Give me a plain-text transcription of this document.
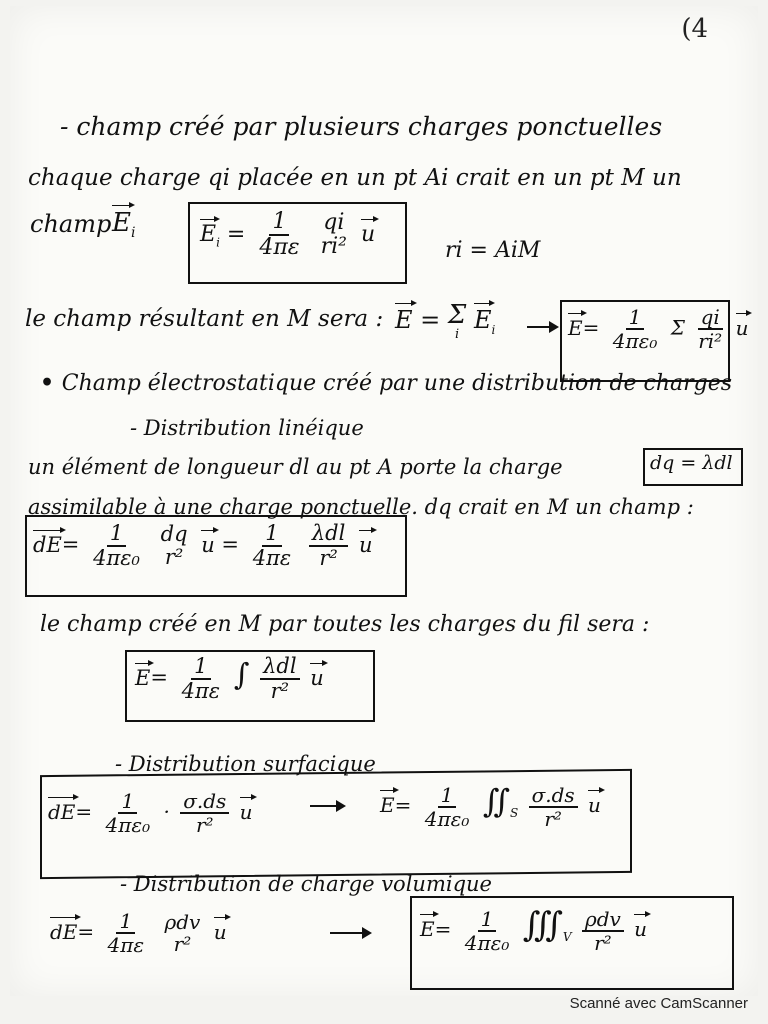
(4
- champ créé par plusieurs charges ponctuelles
chaque charge qi placée en un pt Ai crait en un pt M un
champ $E_i$	$E_i = \frac{1}{4\pi\varepsilon}$
qi
ri² u
ri = AiM
le champ résultant en M sera : E = Σ
i
$E_i$	$E= \frac{1}{\text{4πε₀}}$ Σ $\frac{qi}{\text{ri²}}$ u
• Champ électrostatique créé par une distribution de charges
- Distribution linéique
un élément de longueur dl au pt A porte la charge	dq = λdl
assimilable à une charge ponctuelle. dq crait en M un champ :
$dE= \frac{1}{\text{4πε₀}}$
dq
r²
$u = \frac{1}{4\pi\varepsilon}$
$\frac{\text{λdl}}{\text{r²}}$ u
le champ créé en M par toutes les charges du fil sera :
$E= \frac{1}{4\pi\varepsilon}$ ∫ $\frac{\text{λdl}}{\text{r²}}$ u
- Distribution surfacique
$dE= \frac{1}{\text{4πε₀}} \cdot \frac{\sigma.ds}{\text{r²}}$ u	$E= \frac{1}{\text{4πε₀}}$ $∬_S \frac{\sigma.ds}{\text{r²}}$ u
- Distribution de charge volumique
$dE= \frac{1}{4\pi\varepsilon}$
ρdv
r²
u	$E= \frac{1}{\text{4πε₀}}$ $∭_V \frac{\text{ρdv}}{\text{r²}}$ u
Scanné avec CamScanner
